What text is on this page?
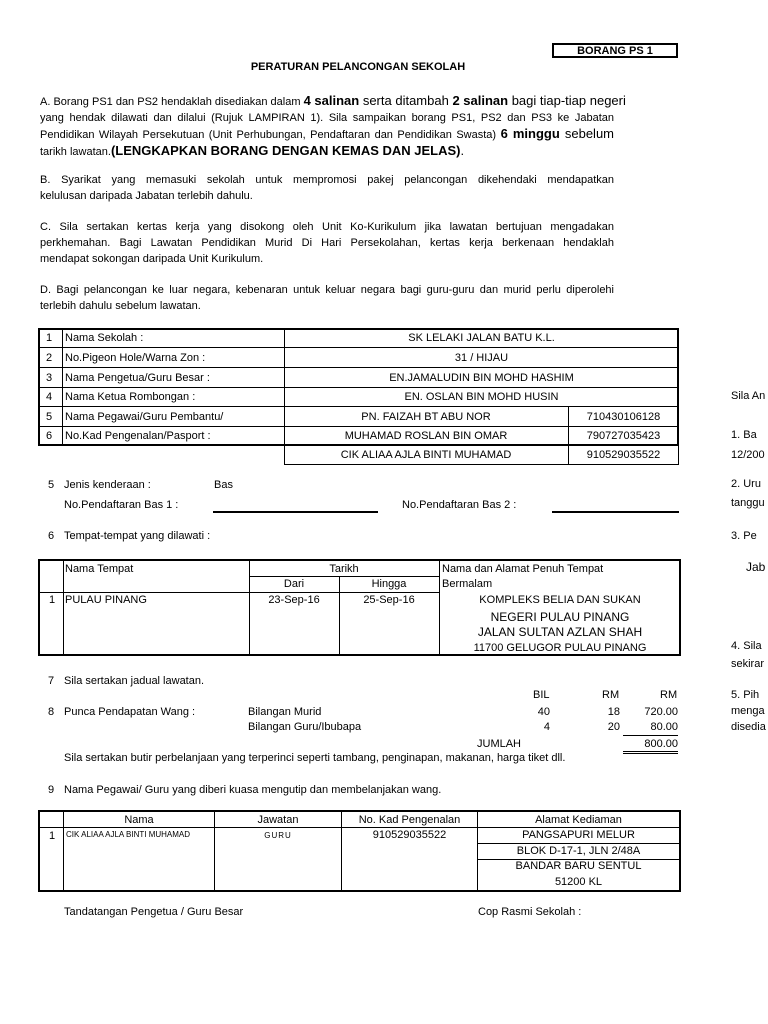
BORANG PS 1
PERATURAN PELANCONGAN SEKOLAH
A. Borang PS1 dan PS2 hendaklah disediakan dalam 4 salinan serta ditambah 2 salinan bagi tiap-tiap negeri
yang hendak dilawati dan dilalui (Rujuk LAMPIRAN 1). Sila sampaikan borang PS1, PS2 dan PS3 ke Jabatan
Pendidikan Wilayah Persekutuan (Unit Perhubungan, Pendaftaran dan Pendidikan Swasta) 6 minggu sebelum
tarikh lawatan.(LENGKAPKAN BORANG DENGAN KEMAS DAN JELAS).
B. Syarikat yang memasuki sekolah untuk mempromosi pakej pelancongan dikehendaki mendapatkan
kelulusan daripada Jabatan terlebih dahulu.
C. Sila sertakan kertas kerja yang disokong oleh Unit Ko-Kurikulum jika lawatan bertujuan mengadakan
perkhemahan. Bagi Lawatan Pendidikan Murid Di Hari Persekolahan, kertas kerja berkenaan hendaklah
mendapat sokongan daripada Unit Kurikulum.
D. Bagi pelancongan ke luar negara, kebenaran untuk keluar negara bagi guru-guru dan murid perlu diperolehi
terlebih dahulu sebelum lawatan.
1 Nama Sekolah :	SK LELAKI JALAN BATU K.L.
2 No.Pigeon Hole/Warna Zon :	31 / HIJAU
3 Nama Pengetua/Guru Besar :	EN.JAMALUDIN BIN MOHD HASHIM
4 Nama Ketua Rombongan :	EN. OSLAN BIN MOHD HUSIN
5 Nama Pegawai/Guru Pembantu/	PN. FAIZAH BT ABU NOR	710430106128
6 No.Kad Pengenalan/Pasport :	MUHAMAD ROSLAN BIN OMAR	790727035423
CIK ALIAA AJLA BINTI MUHAMAD	910529035522
5 Jenis kenderaan :	Bas
No.Pendaftaran Bas 1 :	No.Pendaftaran Bas 2 :
6 Tempat-tempat yang dilawati :
Nama Tempat	Tarikh
Dari	Hingga
Nama dan Alamat Penuh Tempat
Bermalam
1 PULAU PINANG	23-Sep-16	25-Sep-16	KOMPLEKS BELIA DAN SUKAN
NEGERI PULAU PINANG
JALAN SULTAN AZLAN SHAH
11700 GELUGOR PULAU PINANG
7 Sila sertakan jadual lawatan.
BIL	RM	RM
8 Punca Pendapatan Wang :	Bilangan Murid	40	18	720.00
Bilangan Guru/Ibubapa	4	20	80.00
JUMLAH	800.00
Sila sertakan butir perbelanjaan yang terperinci seperti tambang, penginapan, makanan, harga tiket dll.
9 Nama Pegawai/ Guru yang diberi kuasa mengutip dan membelanjakan wang.
Nama	Jawatan	No. Kad Pengenalan	Alamat Kediaman
1 CIK ALIAA AJLA BINTI MUHAMAD	GURU	910529035522	PANGSAPURI MELUR
BLOK D-17-1, JLN 2/48A
BANDAR BARU SENTUL
51200 KL
Tandatangan Pengetua / Guru Besar	Cop Rasmi Sekolah :
Sila An
1. Ba
12/200
2. Uru
tanggu
3. Pe
Jab
4. Sila
sekirar
5. Pih
menga
disedia
